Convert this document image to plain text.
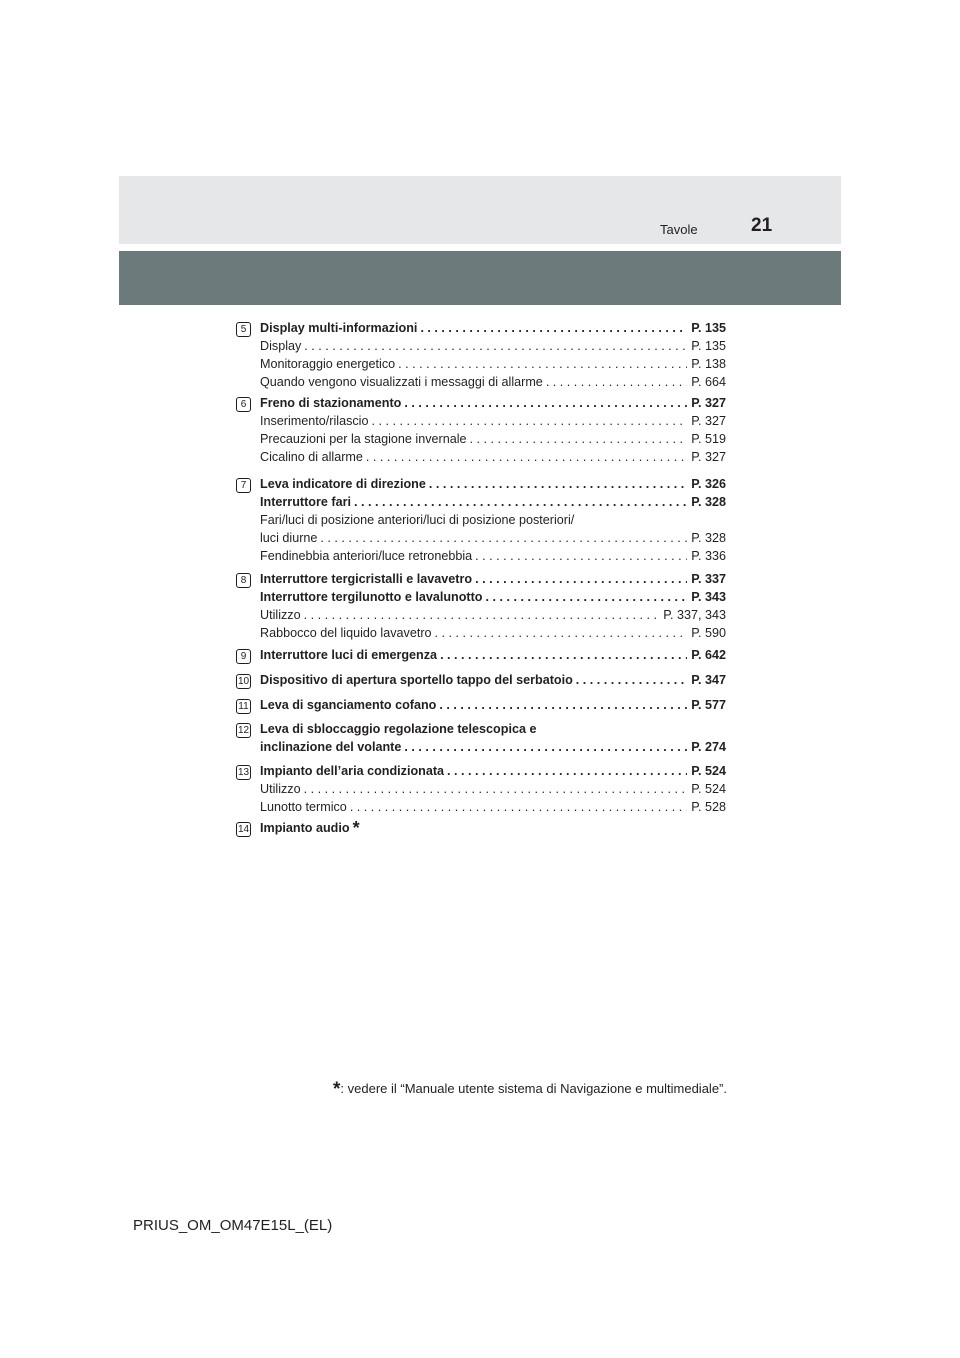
Tavole	21
5	Display multi-informazioni . . .	P. 135
Display . . .	P. 135
Monitoraggio energetico . . .	P. 138
Quando vengono visualizzati i messaggi di allarme . . .	P. 664
6	Freno di stazionamento . . .	P. 327
Inserimento/rilascio . . .	P. 327
Precauzioni per la stagione invernale . . .	P. 519
Cicalino di allarme . . .	P. 327
7	Leva indicatore di direzione . . .	P. 326
Interruttore fari . . .	P. 328
Fari/luci di posizione anteriori/luci di posizione posteriori/
luci diurne . . .	P. 328
Fendinebbia anteriori/luce retronebbia . . .	P. 336
8	Interruttore tergicristalli e lavavetro . . .	P. 337
Interruttore tergilunotto e lavalunotto . . .	P. 343
Utilizzo . . .	P. 337, 343
Rabbocco del liquido lavavetro . . .	P. 590
9	Interruttore luci di emergenza . . .	P. 642
10 Dispositivo di apertura sportello tappo del serbatoio . . .	P. 347
11 Leva di sganciamento cofano . . .	P. 577
12 Leva di sbloccaggio regolazione telescopica e
inclinazione del volante . . .	P. 274
13 Impianto dell’aria condizionata . . .	P. 524
Utilizzo . . .	P. 524
Lunotto termico . . .	P. 528
14 Impianto audio *
*: vedere il “Manuale utente sistema di Navigazione e multimediale”.
PRIUS_OM_OM47E15L_(EL)
